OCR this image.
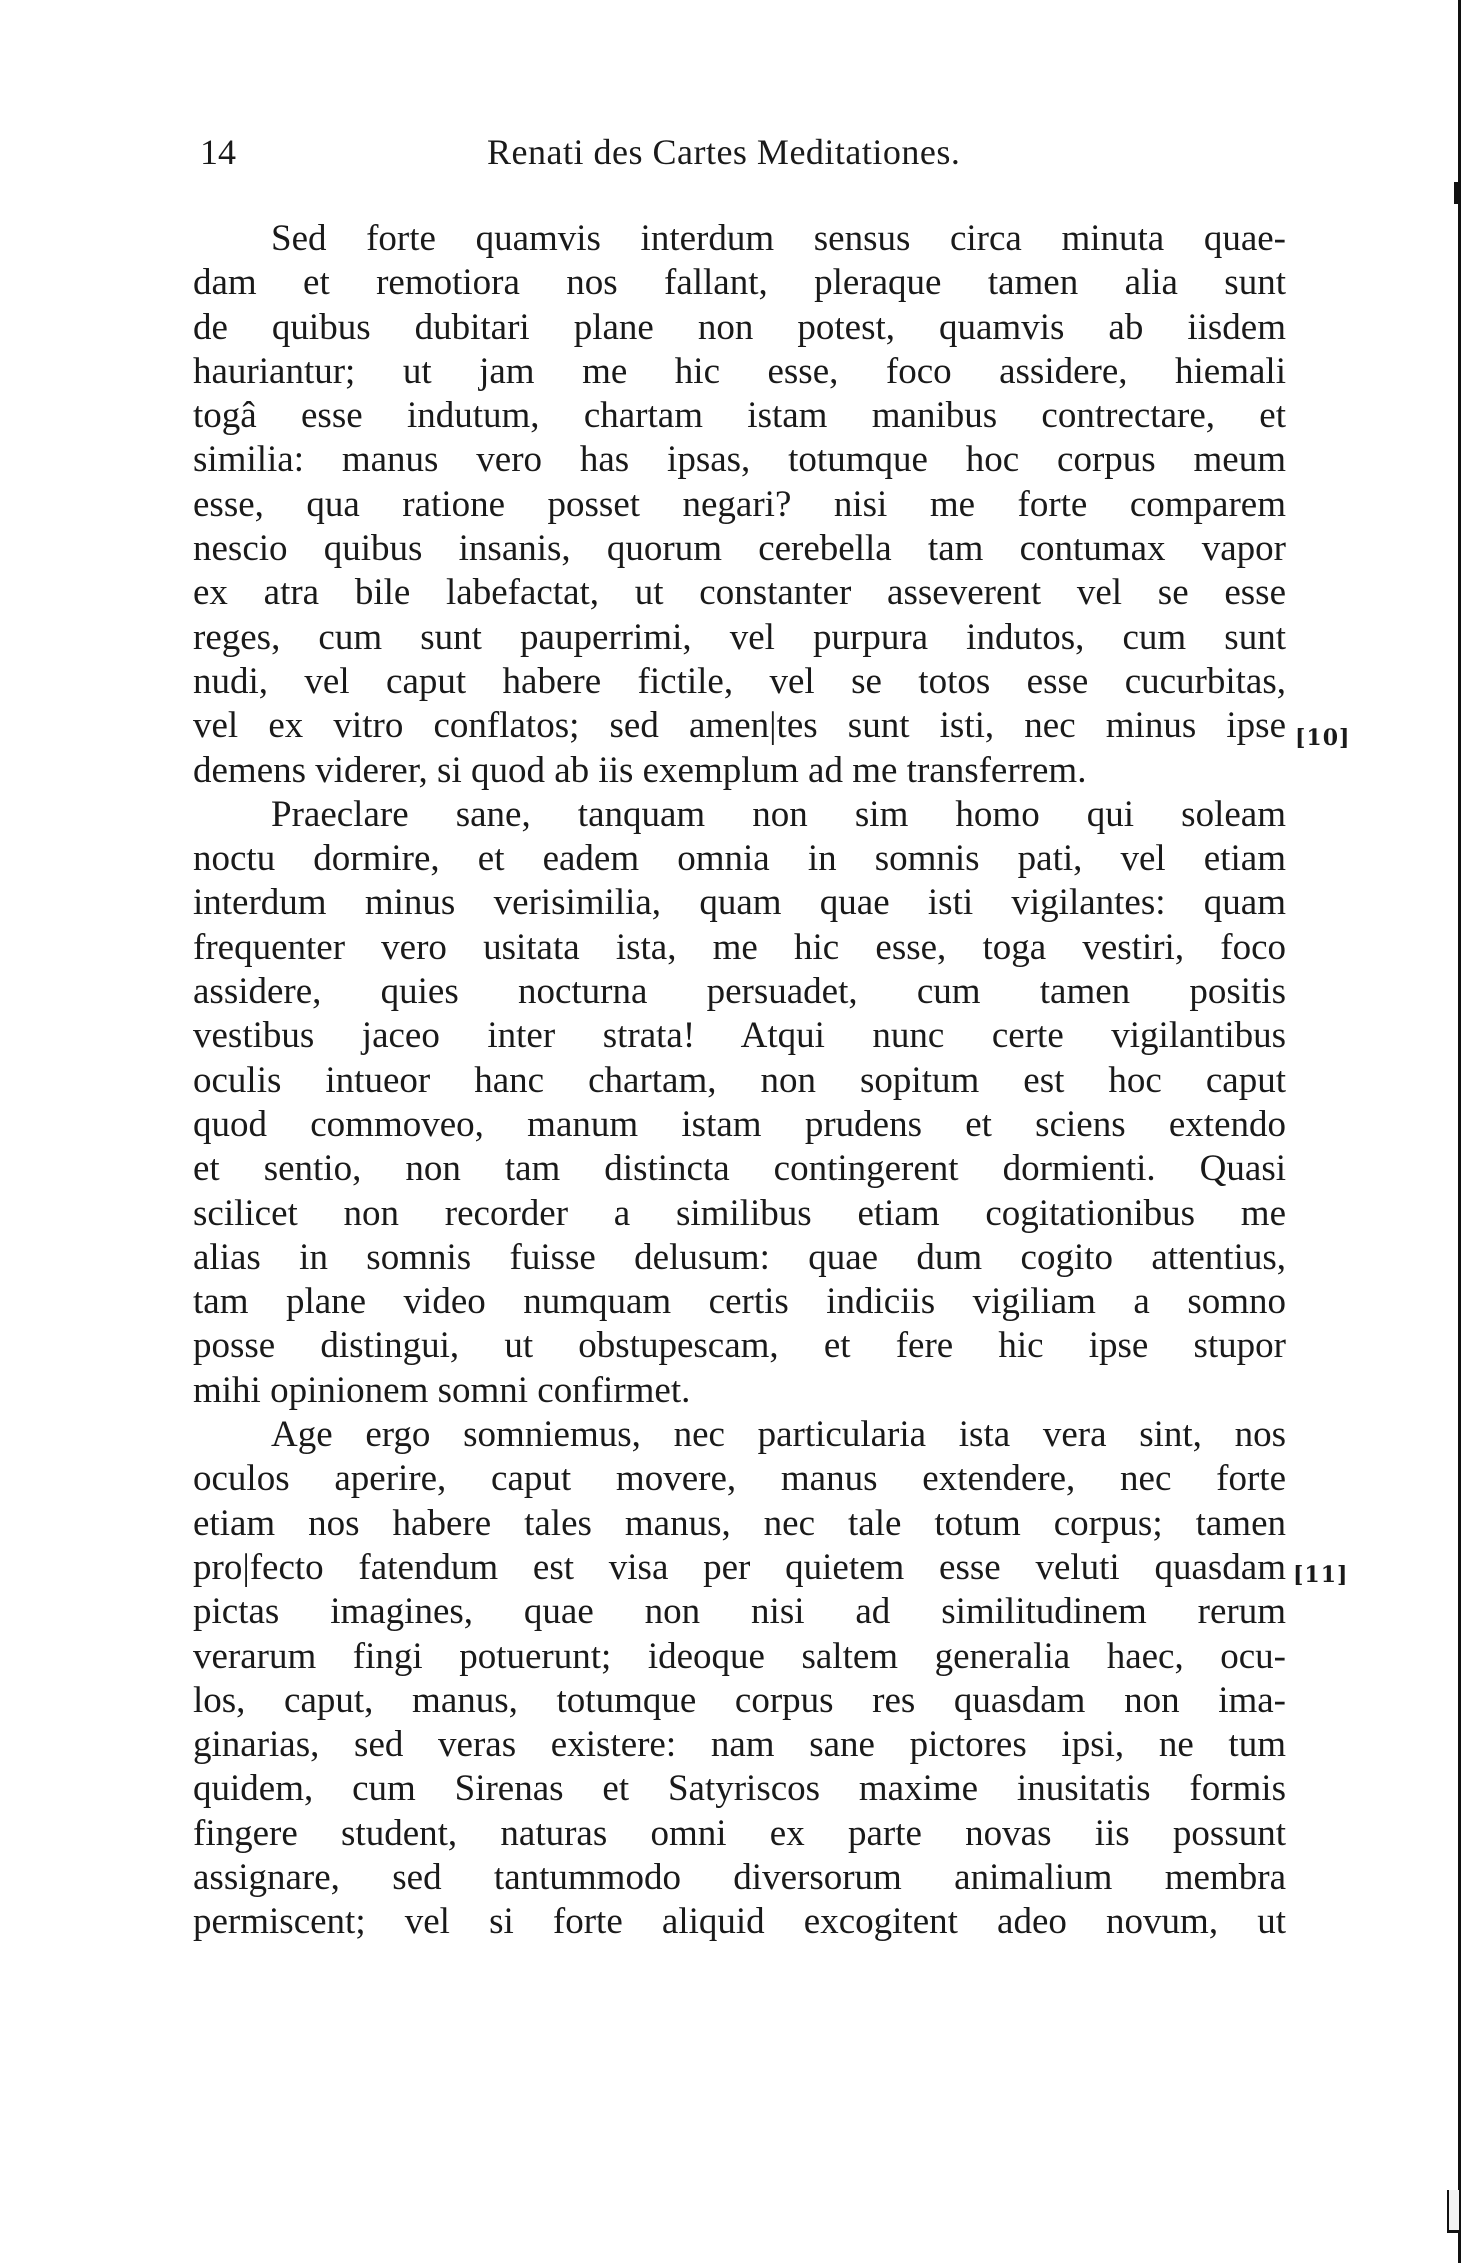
14	Renati des Cartes Meditationes.
Sed forte quamvis interdum sensus circa minuta quae-
dam et remotiora nos fallant, pleraque tamen alia sunt
de quibus dubitari plane non potest, quamvis ab iisdem
hauriantur; ut jam me hic esse, foco assidere, hiemali
togâ esse indutum, chartam istam manibus contrectare, et
similia: manus vero has ipsas, totumque hoc corpus meum
esse, qua ratione posset negari? nisi me forte comparem
nescio quibus insanis, quorum cerebella tam contumax vapor
ex atra bile labefactat, ut constanter asseverent vel se esse
reges, cum sunt pauperrimi, vel purpura indutos, cum sunt
nudi, vel caput habere fictile, vel se totos esse cucurbitas,
vel ex vitro conflatos; sed amen|tes sunt isti, nec minus ipse
demens viderer, si quod ab iis exemplum ad me transferrem.
Praeclare sane, tanquam non sim homo qui soleam
noctu dormire, et eadem omnia in somnis pati, vel etiam
interdum minus verisimilia, quam quae isti vigilantes: quam
frequenter vero usitata ista, me hic esse, toga vestiri, foco
assidere, quies nocturna persuadet, cum tamen positis
vestibus jaceo inter strata! Atqui nunc certe vigilantibus
oculis intueor hanc chartam, non sopitum est hoc caput
quod commoveo, manum istam prudens et sciens extendo
et sentio, non tam distincta contingerent dormienti. Quasi
scilicet non recorder a similibus etiam cogitationibus me
alias in somnis fuisse delusum: quae dum cogito attentius,
tam plane video numquam certis indiciis vigiliam a somno
posse distingui, ut obstupescam, et fere hic ipse stupor
mihi opinionem somni confirmet.
Age ergo somniemus, nec particularia ista vera sint, nos
oculos aperire, caput movere, manus extendere, nec forte
etiam nos habere tales manus, nec tale totum corpus; tamen
pro|fecto fatendum est visa per quietem esse veluti quasdam
pictas imagines, quae non nisi ad similitudinem rerum
verarum fingi potuerunt; ideoque saltem generalia haec, ocu-
los, caput, manus, totumque corpus res quasdam non ima-
ginarias, sed veras existere: nam sane pictores ipsi, ne tum
quidem, cum Sirenas et Satyriscos maxime inusitatis formis
fingere student, naturas omni ex parte novas iis possunt
assignare, sed tantummodo diversorum animalium membra
permiscent; vel si forte aliquid excogitent adeo novum, ut
[10]
[11]
